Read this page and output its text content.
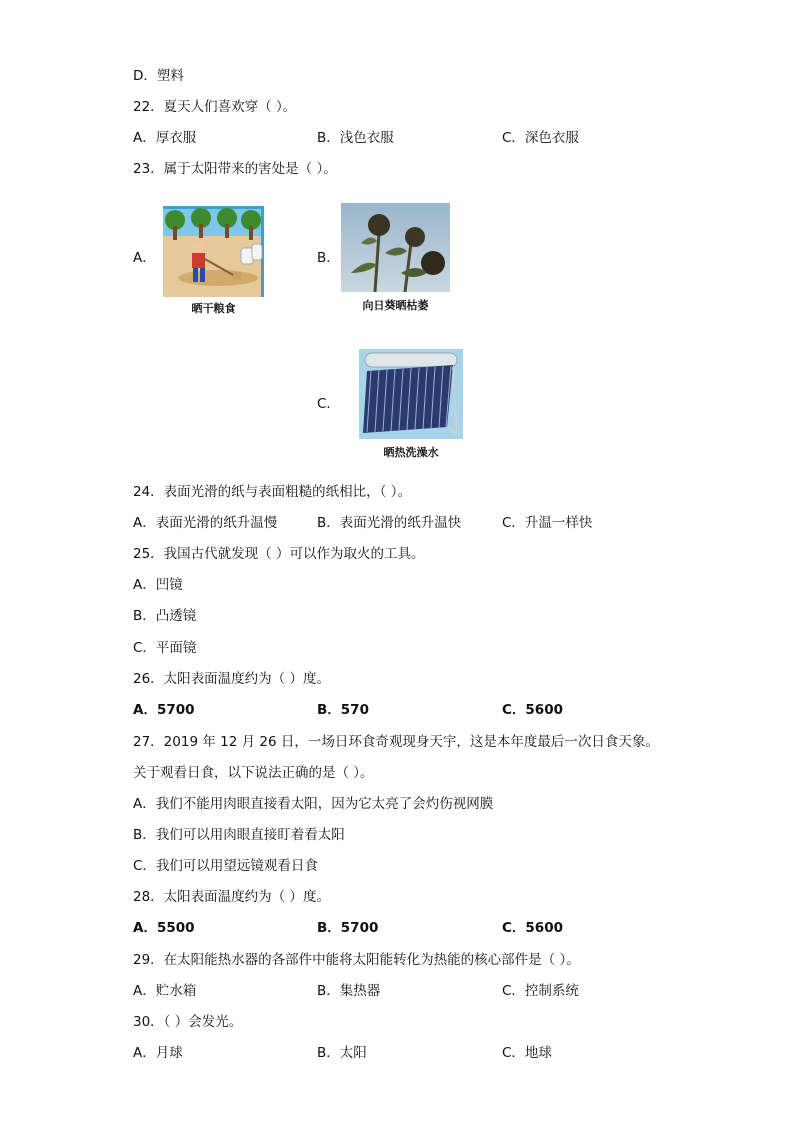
D．塑料
22．夏天人们喜欢穿（ ）。
A．厚衣服	B．浅色衣服	C．深色衣服
23．属于太阳带来的害处是（ ）。
A．
晒干粮食
B．
向日葵晒枯萎
C．
晒热洗澡水
24．表面光滑的纸与表面粗糙的纸相比，（ ）。
A．表面光滑的纸升温慢	B．表面光滑的纸升温快	C．升温一样快
25．我国古代就发现（ ）可以作为取火的工具。
A．凹镜
B．凸透镜
C．平面镜
26．太阳表面温度约为（ ）度。
A．5700	B．570	C．5600
27．2019 年 12 月 26 日，一场日环食奇观现身天宇，这是本年度最后一次日食天象。
关于观看日食，以下说法正确的是（ ）。
A．我们不能用肉眼直接看太阳，因为它太亮了会灼伤视网膜
B．我们可以用肉眼直接盯着看太阳
C．我们可以用望远镜观看日食
28．太阳表面温度约为（ ）度。
A．5500	B．5700	C．5600
29．在太阳能热水器的各部件中能将太阳能转化为热能的核心部件是（ ）。
A．贮水箱	B．集热器	C．控制系统
30．（ ）会发光。
A．月球	B．太阳	C．地球
